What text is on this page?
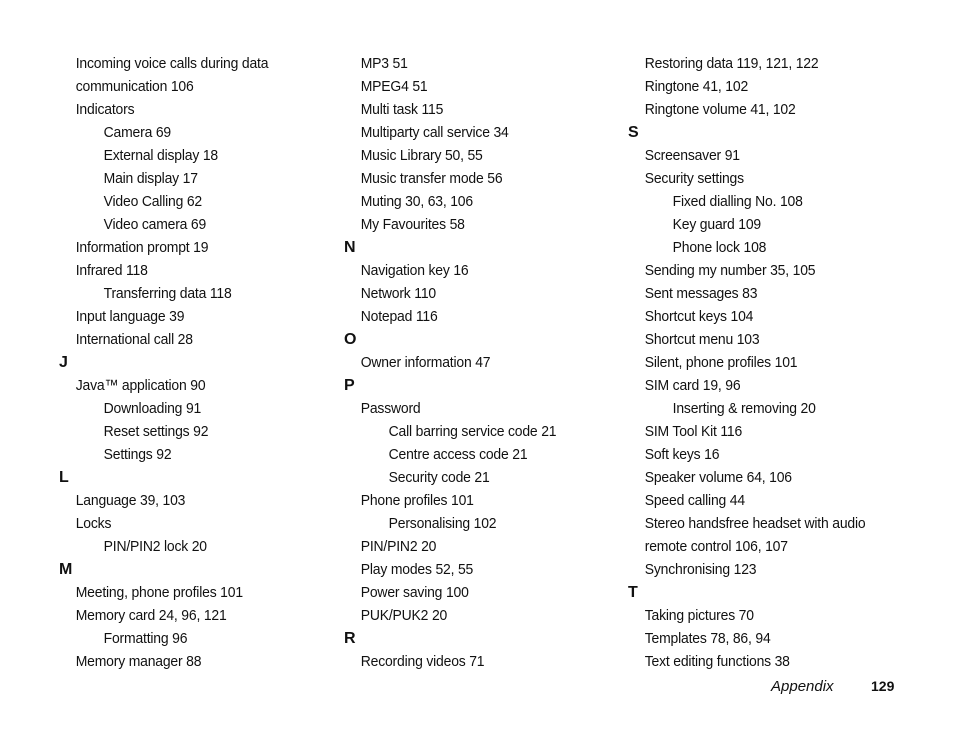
Incoming voice calls during data
communication 106
Indicators
Camera 69
External display 18
Main display 17
Video Calling 62
Video camera 69
Information prompt 19
Infrared 118
Transferring data 118
Input language 39
International call 28
J
Java™ application 90
Downloading 91
Reset settings 92
Settings 92
L
Language 39, 103
Locks
PIN/PIN2 lock 20
M
Meeting, phone profiles 101
Memory card 24, 96, 121
Formatting 96
Memory manager 88
MP3 51
MPEG4 51
Multi task 115
Multiparty call service 34
Music Library 50, 55
Music transfer mode 56
Muting 30, 63, 106
My Favourites 58
N
Navigation key 16
Network 110
Notepad 116
O
Owner information 47
P
Password
Call barring service code 21
Centre access code 21
Security code 21
Phone profiles 101
Personalising 102
PIN/PIN2 20
Play modes 52, 55
Power saving 100
PUK/PUK2 20
R
Recording videos 71
Restoring data 119, 121, 122
Ringtone 41, 102
Ringtone volume 41, 102
S
Screensaver 91
Security settings
Fixed dialling No. 108
Key guard 109
Phone lock 108
Sending my number 35, 105
Sent messages 83
Shortcut keys 104
Shortcut menu 103
Silent, phone profiles 101
SIM card 19, 96
Inserting & removing 20
SIM Tool Kit 116
Soft keys 16
Speaker volume 64, 106
Speed calling 44
Stereo handsfree headset with audio
remote control 106, 107
Synchronising 123
T
Taking pictures 70
Templates 78, 86, 94
Text editing functions 38
Appendix	129
